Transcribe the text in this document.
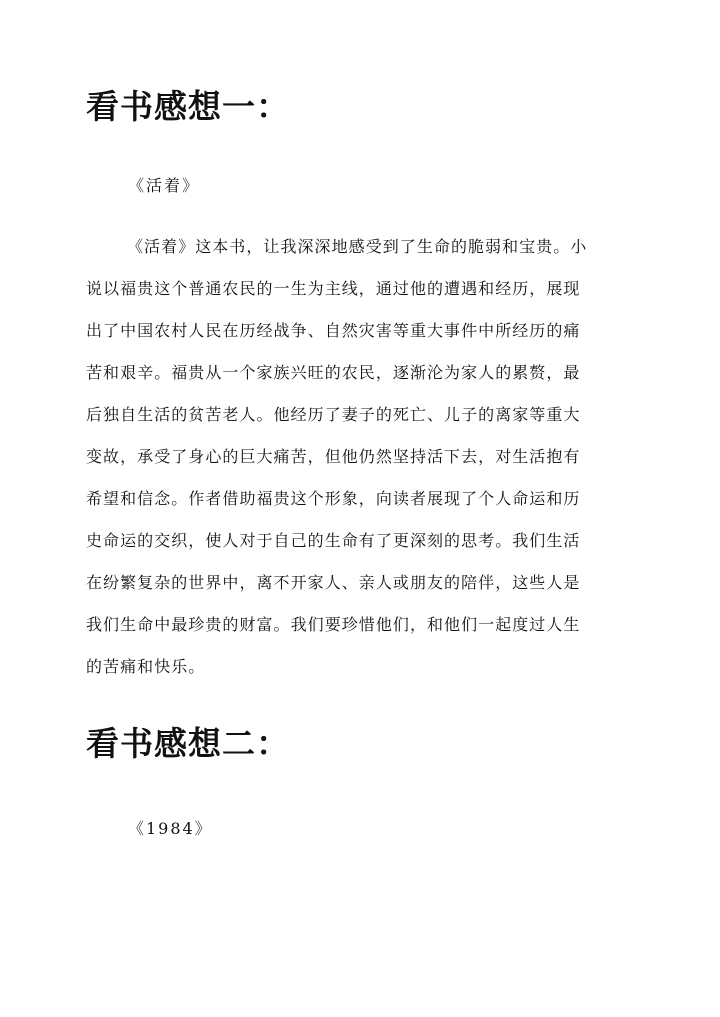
看书感想一：

《活着》

《活着》这本书，让我深深地感受到了生命的脆弱和宝贵。小

说以福贵这个普通农民的一生为主线，通过他的遭遇和经历，展现

出了中国农村人民在历经战争、自然灾害等重大事件中所经历的痛

苦和艰辛。福贵从一个家族兴旺的农民，逐渐沦为家人的累赘，最

后独自生活的贫苦老人。他经历了妻子的死亡、儿子的离家等重大

变故，承受了身心的巨大痛苦，但他仍然坚持活下去，对生活抱有

希望和信念。作者借助福贵这个形象，向读者展现了个人命运和历

史命运的交织，使人对于自己的生命有了更深刻的思考。我们生活

在纷繁复杂的世界中，离不开家人、亲人或朋友的陪伴，这些人是

我们生命中最珍贵的财富。我们要珍惜他们，和他们一起度过人生

的苦痛和快乐。

看书感想二：

《1984》
